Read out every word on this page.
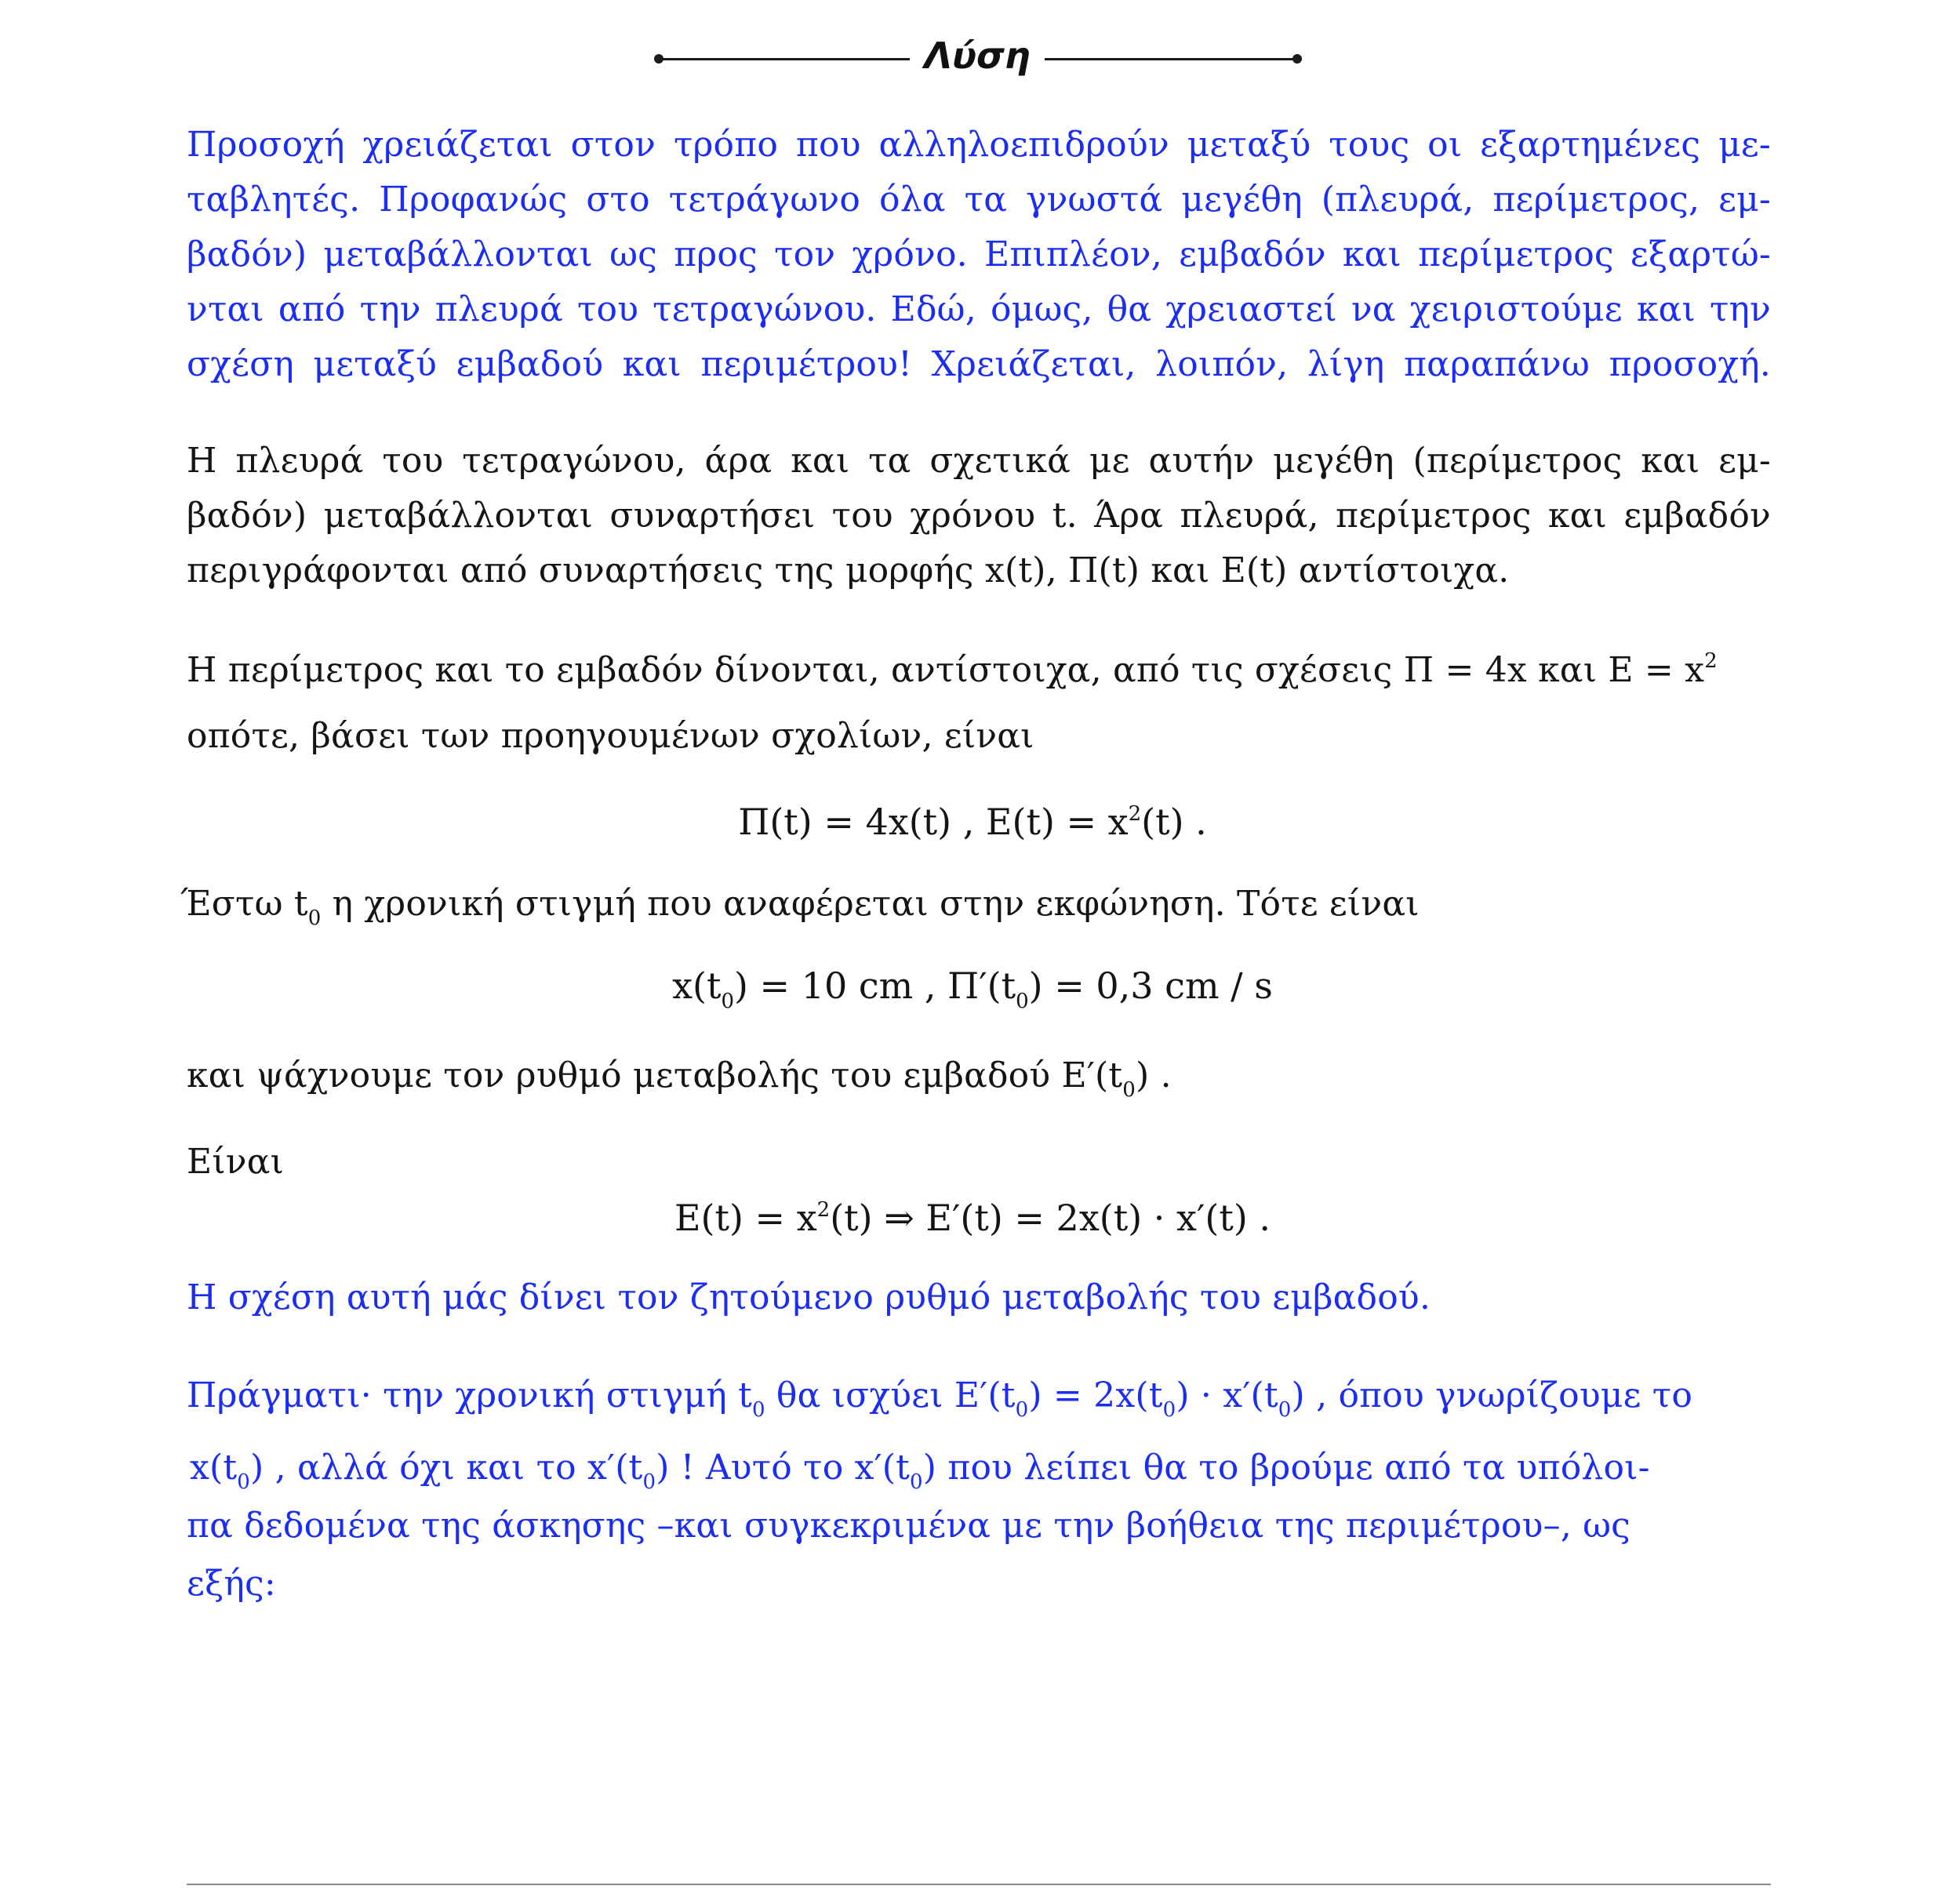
Λύση
Προσοχή χρειάζεται στον τρόπο που αλληλοεπιδρούν μεταξύ τους οι εξαρτημένες με-
ταβλητές. Προφανώς στο τετράγωνο όλα τα γνωστά μεγέθη (πλευρά, περίμετρος, εμ-
βαδόν) μεταβάλλονται ως προς τον χρόνο. Επιπλέον, εμβαδόν και περίμετρος εξαρτώ-
νται από την πλευρά του τετραγώνου. Εδώ, όμως, θα χρειαστεί να χειριστούμε και την
σχέση μεταξύ εμβαδού και περιμέτρου! Χρειάζεται, λοιπόν, λίγη παραπάνω προσοχή.
Η πλευρά του τετραγώνου, άρα και τα σχετικά με αυτήν μεγέθη (περίμετρος και εμ-
βαδόν) μεταβάλλονται συναρτήσει του χρόνου t. Άρα πλευρά, περίμετρος και εμβαδόν
περιγράφονται από συναρτήσεις της μορφής x(t), Π(t) και Ε(t) αντίστοιχα.
Η περίμετρος και το εμβαδόν δίνονται, αντίστοιχα, από τις σχέσεις Π = 4x και $E = x^2$
οπότε, βάσει των προηγουμένων σχολίων, είναι
Π(t) = 4x(t) , $E(t) = x^2(t)$ .
Έστω $t_0$ η χρονική στιγμή που αναφέρεται στην εκφώνηση. Τότε είναι
$x(t_0) = 10$ cm , $\Pi'(t_0) = 0,3$ cm / s
και ψάχνουμε τον ρυθμό μεταβολής του εμβαδού $E'(t_0)$ .
Είναι
$E(t) = x^2(t)$ ⇒ Ε′(t) = 2x(t) · x′(t) .
Η σχέση αυτή μάς δίνει τον ζητούμενο ρυθμό μεταβολής του εμβαδού.
Πράγματι· την χρονική στιγμή $t_0$ θα ισχύει $E'(t_0) = 2x(t_0) \cdot x'(t_0)$ , όπου γνωρίζουμε το
$x(t_0)$ , αλλά όχι και το $x'(t_0)$ ! Αυτό το $x'(t_0)$ που λείπει θα το βρούμε από τα υπόλοι-
πα δεδομένα της άσκησης –και συγκεκριμένα με την βοήθεια της περιμέτρου–, ως
εξής:
